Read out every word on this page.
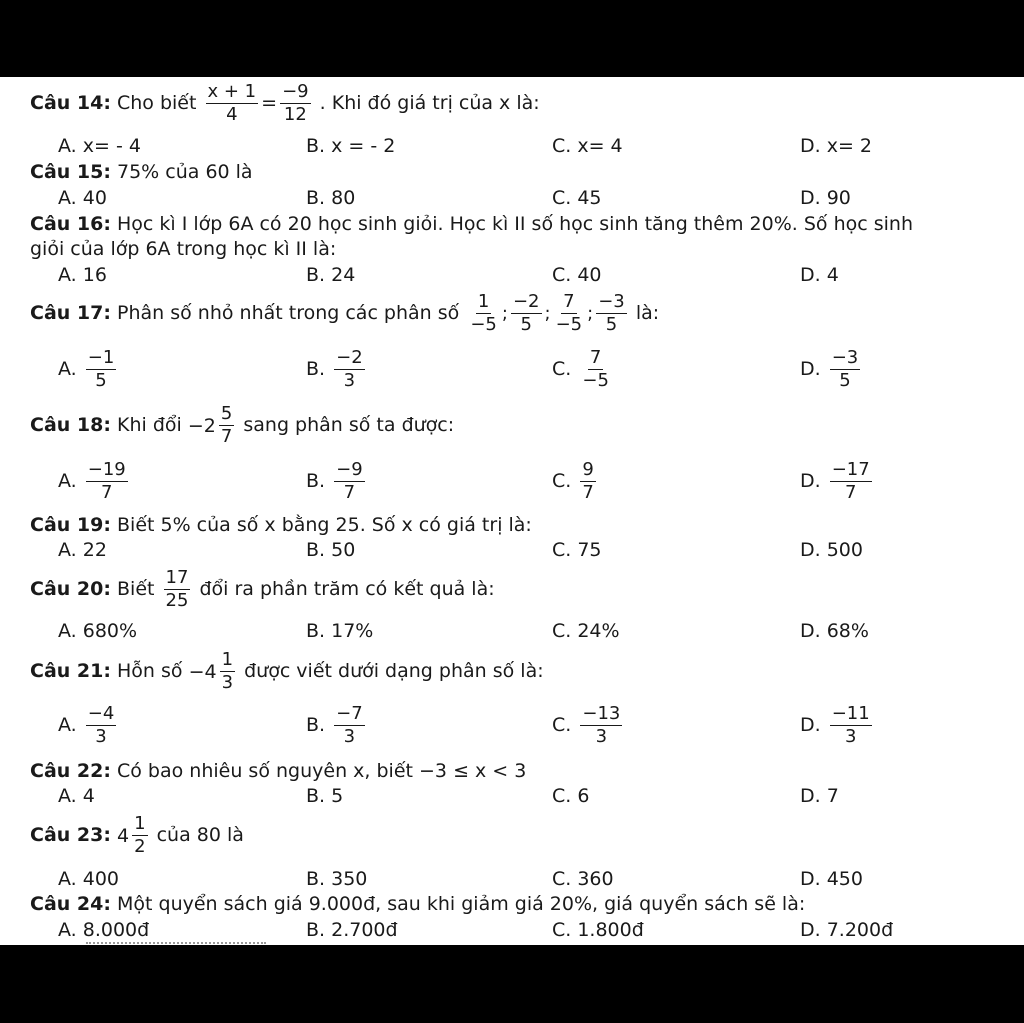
Câu 14: Cho biết $\frac{x + 1}{4} = \frac{-9}{12}$ . Khi đó giá trị của x là:
A. x= - 4	B. x = - 2	C. x= 4	D. x= 2
Câu 15: 75% của 60 là
A. 40	B. 80	C. 45	D. 90
Câu 16: Học kì I lớp 6A có 20 học sinh giỏi. Học kì II số học sinh tăng thêm 20%. Số học sinh
giỏi của lớp 6A trong học kì II là:
A. 16	B. 24	C. 40	D. 4
Câu 17: Phân số nhỏ nhất trong các phân số $\frac{1}{-5}$ ; $\frac{-2}{5}$ ; $\frac{7}{-5}$ ; $\frac{-3}{5}$ là:
A. $\frac{-1}{5}$	B. $\frac{-2}{3}$	C. $\frac{7}{-5}$	D. $\frac{-3}{5}$
Câu 18: Khi đổi $-2 \frac{5}{7}$ sang phân số ta được:
A. $\frac{-19}{7}$	B. $\frac{-9}{7}$	C. $\frac{9}{7}$	D. $\frac{-17}{7}$
Câu 19: Biết 5% của số x bằng 25. Số x có giá trị là:
A. 22	B. 50	C. 75	D. 500
Câu 20: Biết $\frac{17}{25}$ đổi ra phần trăm có kết quả là:
A. 680%	B. 17%	C. 24%	D. 68%
Câu 21: Hỗn số $-4 \frac{1}{3}$ được viết dưới dạng phân số là:
A. $\frac{-4}{3}$	B. $\frac{-7}{3}$	C. $\frac{-13}{3}$	D. $\frac{-11}{3}$
Câu 22: Có bao nhiêu số nguyên x, biết −3 ≤ x < 3
A. 4	B. 5	C. 6	D. 7
Câu 23: $4 \frac{1}{2}$ của 80 là
A. 400	B. 350	C. 360	D. 450
Câu 24: Một quyển sách giá 9.000đ, sau khi giảm giá 20%, giá quyển sách sẽ là:
A. 8.000đ	B. 2.700đ	C. 1.800đ	D. 7.200đ
